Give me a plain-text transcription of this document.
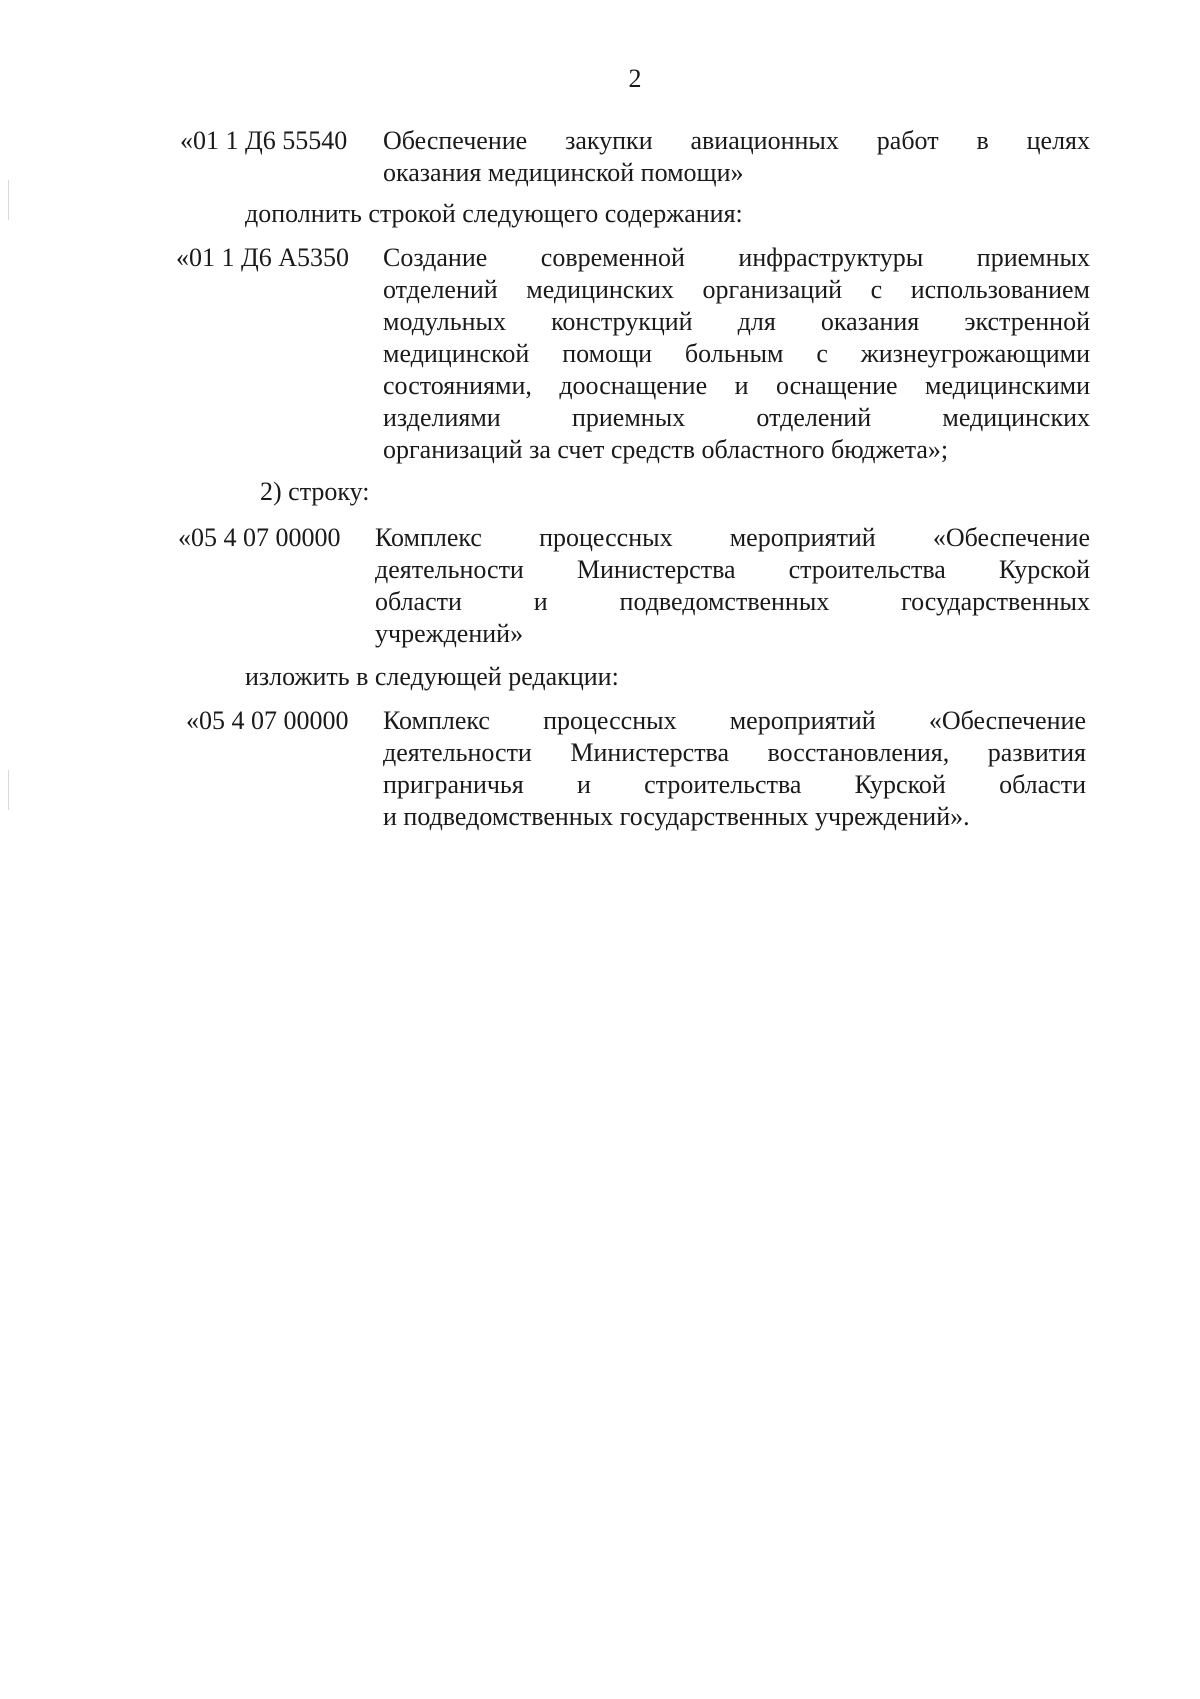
2
«01 1 Д6 55540 Обеспечение закупки авиационных работ в целях
оказания медицинской помощи»
дополнить строкой следующего содержания:
«01 1 Д6 А5350 Создание современной инфраструктуры приемных
отделений медицинских организаций с использованием
модульных конструкций для оказания экстренной
медицинской помощи больным с жизнеугрожающими
состояниями, дооснащение и оснащение медицинскими
изделиями приемных отделений медицинских
организаций за счет средств областного бюджета»;
2) строку:
«05 4 07 00000 Комплекс процессных мероприятий «Обеспечение
деятельности Министерства строительства Курской
области и подведомственных государственных
учреждений»
изложить в следующей редакции:
«05 4 07 00000 Комплекс процессных мероприятий «Обеспечение
деятельности Министерства восстановления, развития
приграничья и строительства Курской области
и подведомственных государственных учреждений».
